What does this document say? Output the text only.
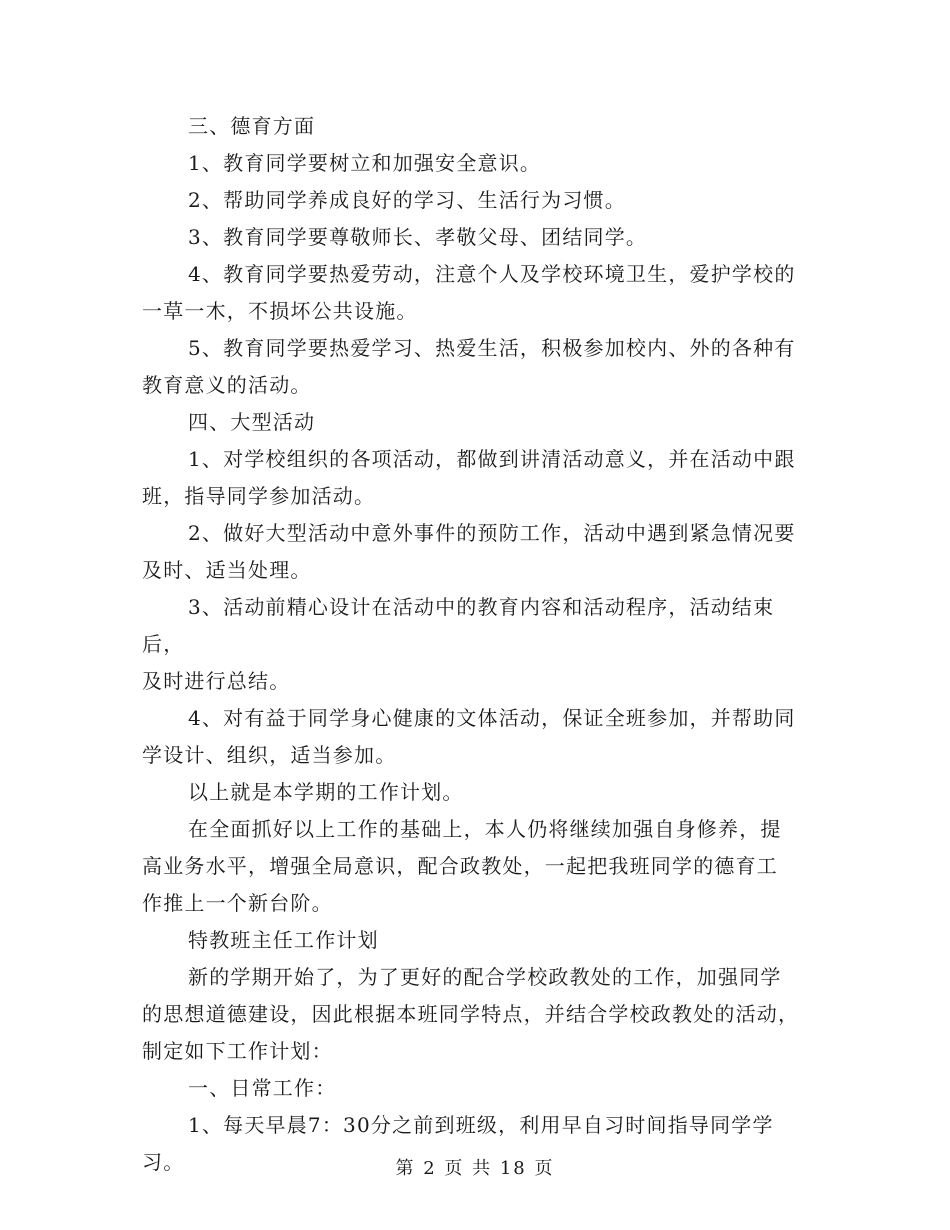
三、德育方面

1、教育同学要树立和加强安全意识。

2、帮助同学养成良好的学习、生活行为习惯。

3、教育同学要尊敬师长、孝敬父母、团结同学。

4、教育同学要热爱劳动，注意个人及学校环境卫生，爱护学校的
一草一木，不损坏公共设施。

5、教育同学要热爱学习、热爱生活，积极参加校内、外的各种有
教育意义的活动。

四、大型活动

1、对学校组织的各项活动，都做到讲清活动意义，并在活动中跟
班，指导同学参加活动。

2、做好大型活动中意外事件的预防工作，活动中遇到紧急情况要
及时、适当处理。

3、活动前精心设计在活动中的教育内容和活动程序，活动结束后，
及时进行总结。

4、对有益于同学身心健康的文体活动，保证全班参加，并帮助同
学设计、组织，适当参加。

以上就是本学期的工作计划。

在全面抓好以上工作的基础上，本人仍将继续加强自身修养，提
高业务水平，增强全局意识，配合政教处，一起把我班同学的德育工
作推上一个新台阶。

特教班主任工作计划

新的学期开始了，为了更好的配合学校政教处的工作，加强同学
的思想道德建设，因此根据本班同学特点，并结合学校政教处的活动，
制定如下工作计划：

一、日常工作：

1、每天早晨7：30分之前到班级，利用早自习时间指导同学学习。	第 2 页 共 18 页
